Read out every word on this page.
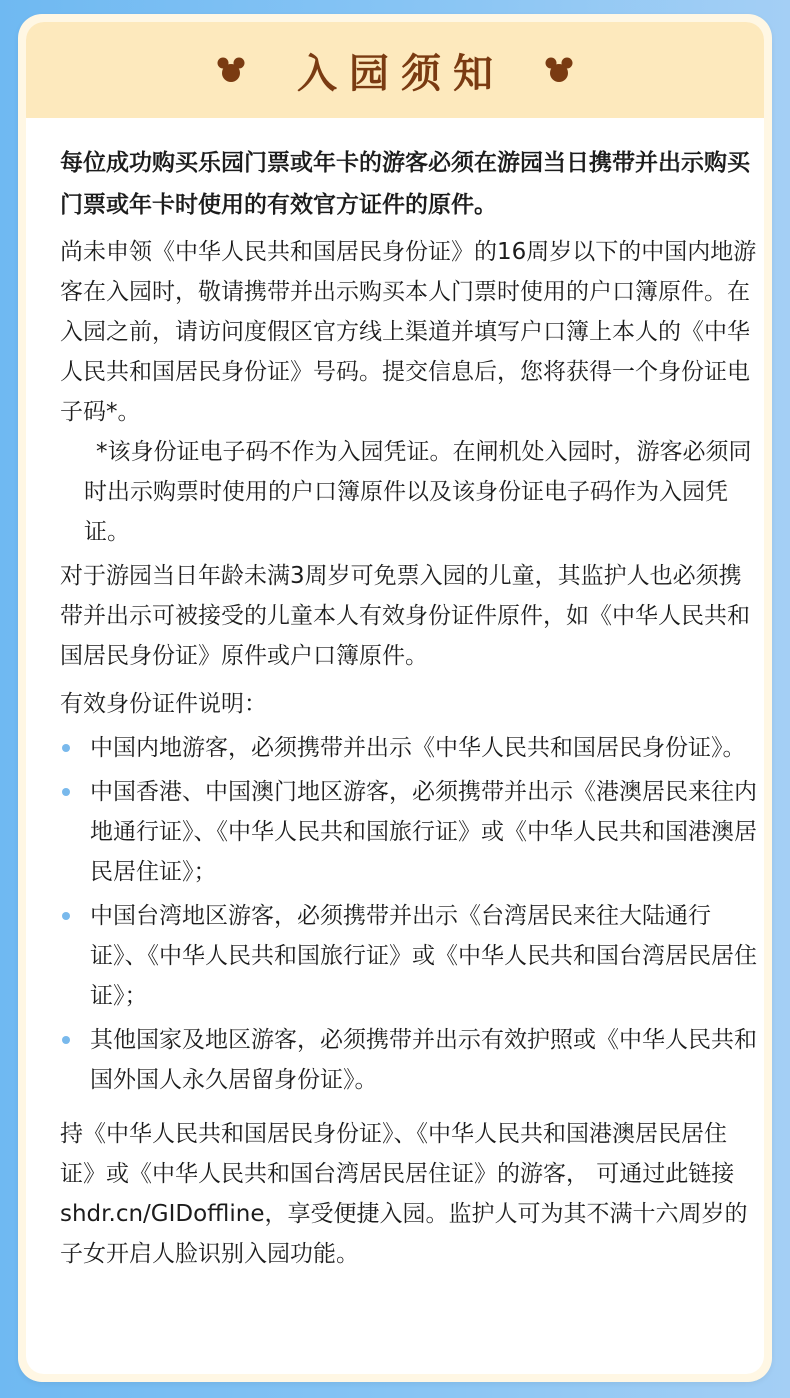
入园须知

每位成功购买乐园门票或年卡的游客必须在游园当日携带并出示购买门票或年卡时使用的有效官方证件的原件。

尚未申领《中华人民共和国居民身份证》的16周岁以下的中国内地游客在入园时，敬请携带并出示购买本人门票时使用的户口簿原件。在入园之前，请访问度假区官方线上渠道并填写户口簿上本人的《中华人民共和国居民身份证》号码。提交信息后，您将获得一个身份证电子码*。

*该身份证电子码不作为入园凭证。在闸机处入园时，游客必须同时出示购票时使用的户口簿原件以及该身份证电子码作为入园凭证。

对于游园当日年龄未满3周岁可免票入园的儿童，其监护人也必须携带并出示可被接受的儿童本人有效身份证件原件，如《中华人民共和国居民身份证》原件或户口簿原件。

有效身份证件说明：

中国内地游客，必须携带并出示《中华人民共和国居民身份证》。
中国香港、中国澳门地区游客，必须携带并出示《港澳居民来往内地通行证》、《中华人民共和国旅行证》或《中华人民共和国港澳居民居住证》；
中国台湾地区游客，必须携带并出示《台湾居民来往大陆通行证》、《中华人民共和国旅行证》或《中华人民共和国台湾居民居住证》；
其他国家及地区游客，必须携带并出示有效护照或《中华人民共和国外国人永久居留身份证》。

持《中华人民共和国居民身份证》、《中华人民共和国港澳居民居住证》或《中华人民共和国台湾居民居住证》的游客， 可通过此链接shdr.cn/GIDoffline，享受便捷入园。监护人可为其不满十六周岁的子女开启人脸识别入园功能。
